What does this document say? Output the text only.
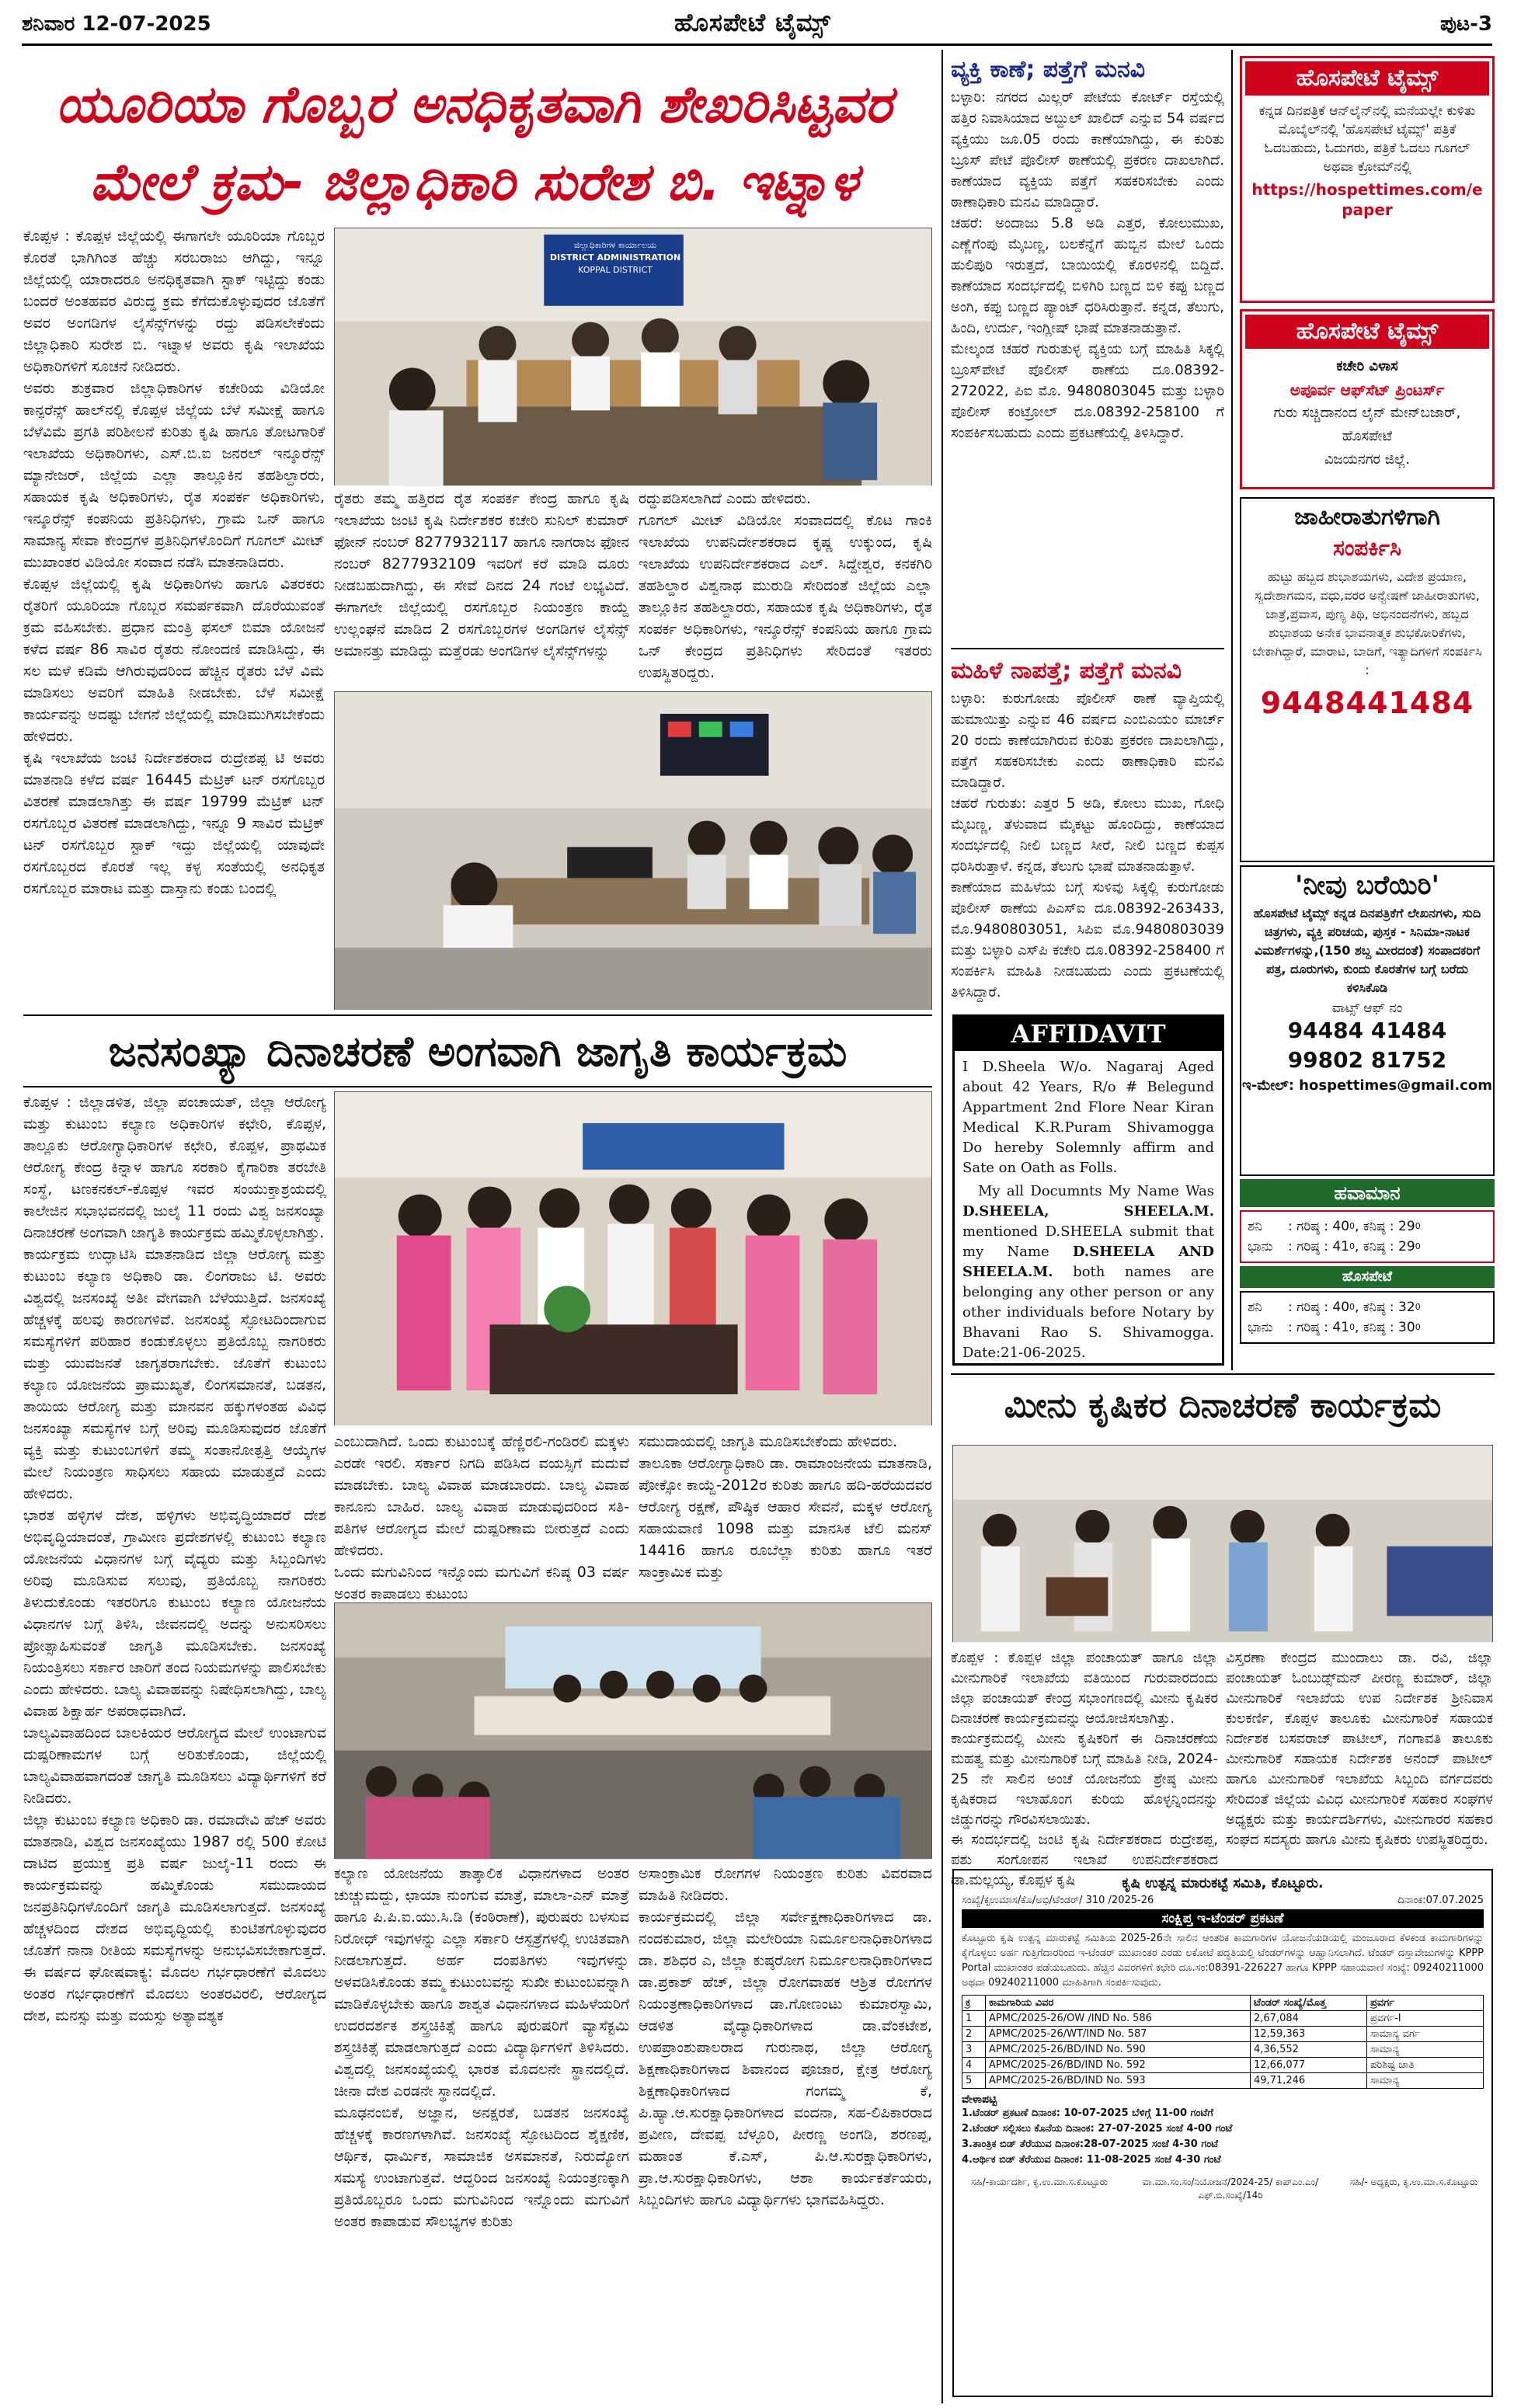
ಶನಿವಾರ 12-07-2025	ಹೊಸಪೇಟೆ ಟೈಮ್ಸ್	ಪುಟ-3
ಯೂರಿಯಾ ಗೊಬ್ಬರ ಅನಧಿಕೃತವಾಗಿ ಶೇಖರಿಸಿಟ್ಟವರ
ಮೇಲೆ ಕ್ರಮ- ಜಿಲ್ಲಾಧಿಕಾರಿ ಸುರೇಶ ಬಿ. ಇಟ್ನಾಳ
ಕೊಪ್ಪಳ : ಕೊಪ್ಪಳ ಜಿಲ್ಲೆಯಲ್ಲಿ ಈಗಾಗಲೇ ಯೂರಿಯಾ ಗೊಬ್ಬರ ಕೊರತೆ ಭಾಗಿಗಿಂತ ಹೆಚ್ಚು ಸರಬರಾಜು ಆಗಿದ್ದು, ಇನ್ನೂ ಜಿಲ್ಲೆಯಲ್ಲಿ ಯಾರಾದರೂ ಅನಧಿಕೃತವಾಗಿ ಸ್ಟಾಕ್ ಇಟ್ಟಿದ್ದು ಕಂಡು ಬಂದರೆ ಅಂತಹವರ ವಿರುದ್ಧ ಕ್ರಮ ಕೆಗೆದುಕೊಳ್ಳುವುದರ ಜೊತೆಗೆ ಅವರ ಅಂಗಡಿಗಳ ಲೈಸೆನ್ಸ್‌ಗಳನ್ನು ರದ್ದು ಪಡಿಸಲೇಕೆಂದು ಜಿಲ್ಲಾಧಿಕಾರಿ ಸುರೇಶ ಬಿ. ಇಟ್ನಾಳ ಅವರು ಕೃಷಿ ಇಲಾಖೆಯ ಅಧಿಕಾರಿಗಳಿಗೆ ಸೂಚನೆ ನೀಡಿದರು.
ಅವರು ಶುಕ್ರವಾರ ಜಿಲ್ಲಾಧಿಕಾರಿಗಳ ಕಚೇರಿಯ ವಿಡಿಯೋ ಕಾನ್ಫರೆನ್ಸ್ ಹಾಲ್‌ನಲ್ಲಿ ಕೊಪ್ಪಳ ಜಿಲ್ಲೆಯ ಬೆಳೆ ಸಮೀಕ್ಷೆ ಹಾಗೂ ಬೆಳೆವಿಮೆ ಪ್ರಗತಿ ಪರಿಶೀಲನೆ ಕುರಿತು ಕೃಷಿ ಹಾಗೂ ತೋಟಗಾರಿಕೆ ಇಲಾಖೆಯ ಅಧಿಕಾರಿಗಳು, ಎಸ್.ಬಿ.ಐ ಜನರಲ್ ಇನ್ಶೂರೆನ್ಸ್ ಮ್ಯಾನೇಜರ್, ಜಿಲ್ಲೆಯ ಎಲ್ಲಾ ತಾಲ್ಲೂಕಿನ ತಹಶಿಲ್ದಾರರು, ಸಹಾಯಕ ಕೃಷಿ ಅಧಿಕಾರಿಗಳು, ರೈತ ಸಂಪರ್ಕ ಅಧಿಕಾರಿಗಳು, ಇನ್ಶೂರೆನ್ಸ್ ಕಂಪನಿಯ ಪ್ರತಿನಿಧಿಗಳು, ಗ್ರಾಮ ಒನ್ ಹಾಗೂ ಸಾಮಾನ್ಯ ಸೇವಾ ಕೇಂದ್ರಗಳ ಪ್ರತಿನಿಧಿಗಳೊಂದಿಗೆ ಗೂಗಲ್ ಮೀಟ್ ಮುಖಾಂತರ ವಿಡಿಯೋ ಸಂವಾದ ನಡೆಸಿ ಮಾತನಾಡಿದರು.
ಕೊಪ್ಪಳ ಜಿಲ್ಲೆಯಲ್ಲಿ ಕೃಷಿ ಅಧಿಕಾರಿಗಳು ಹಾಗೂ ವಿತರಕರು ರೈತರಿಗೆ ಯೂರಿಯಾ ಗೊಬ್ಬರ ಸಮರ್ಪಕವಾಗಿ ದೊರೆಯುವಂತೆ ಕ್ರಮ ವಹಿಸಬೇಕು. ಪ್ರಧಾನ ಮಂತ್ರಿ ಫಸಲ್ ಬಿಮಾ ಯೋಜನೆ ಕಳೆದ ವರ್ಷ 86 ಸಾವಿರ ರೈತರು ನೋಂದಣಿ ಮಾಡಿಸಿದ್ದು, ಈ ಸಲ ಮಳೆ ಕಡಿಮೆ ಆಗಿರುವುದರಿಂದ ಹೆಚ್ಚಿನ ರೈತರು ಬೆಳೆ ವಿಮೆ ಮಾಡಿಸಲು ಅವರಿಗೆ ಮಾಹಿತಿ ನೀಡಬೇಕು. ಬೆಳೆ ಸಮೀಕ್ಷೆ ಕಾರ್ಯವನ್ನು ಅದಷ್ಟು ಬೇಗನೆ ಜಿಲ್ಲೆಯಲ್ಲಿ ಮಾಡಿಮುಗಿಸಬೇಕೆಂದು ಹೇಳಿದರು.
ಕೃಷಿ ಇಲಾಖೆಯ ಜಂಟಿ ನಿರ್ದೇಶಕರಾದ ರುದ್ರೇಶಪ್ಪ ಟಿ ಅವರು ಮಾತನಾಡಿ ಕಳೆದ ವರ್ಷ 16445 ಮೆಟ್ರಿಕ್ ಟನ್ ರಸಗೊಬ್ಬರ ವಿತರಣೆ ಮಾಡಲಾಗಿತ್ತು ಈ ವರ್ಷ 19799 ಮೆಟ್ರಿಕ್ ಟನ್ ರಸಗೊಬ್ಬರ ವಿತರಣೆ ಮಾಡಲಾಗಿದ್ದು, ಇನ್ನೂ 9 ಸಾವಿರ ಮೆಟ್ರಿಕ್ ಟನ್ ರಸಗೊಬ್ಬರ ಸ್ಟಾಕ್ ಇದ್ದು ಜಿಲ್ಲೆಯಲ್ಲಿ ಯಾವುದೇ ರಸಗೊಬ್ಬರದ ಕೊರತೆ ಇಲ್ಲ ಕಳ್ಳ ಸಂತೆಯಲ್ಲಿ ಅನಧಿಕೃತ ರಸಗೊಬ್ಬರ ಮಾರಾಟ ಮತ್ತು ದಾಸ್ತಾನು ಕಂಡು ಬಂದಲ್ಲಿ
ಜಿಲ್ಲಾಧಿಕಾರಿಗಳ ಕಾರ್ಯಾಲಯ
DISTRICT ADMINISTRATION
KOPPAL DISTRICT
ರೈತರು ತಮ್ಮ ಹತ್ತಿರದ ರೈತ ಸಂಪರ್ಕ ಕೇಂದ್ರ ಹಾಗೂ ಕೃಷಿ ಇಲಾಖೆಯ ಜಂಟಿ ಕೃಷಿ ನಿರ್ದೇಶಕರ ಕಚೇರಿ ಸುನಿಲ್ ಕುಮಾರ್ ಫೋನ್ ನಂಬರ್ 8277932117 ಹಾಗೂ ನಾಗರಾಜ ಫೋನ ನಂಬರ್ 8277932109 ಇವರಿಗೆ ಕರೆ ಮಾಡಿ ದೂರು ನೀಡಬಹುದಾಗಿದ್ದು, ಈ ಸೇವೆ ದಿನದ 24 ಗಂಟೆ ಲಭ್ಯವಿದೆ. ಈಗಾಗಲೇ ಜಿಲ್ಲೆಯಲ್ಲಿ ರಸಗೊಬ್ಬರ ನಿಯಂತ್ರಣ ಕಾಯ್ದೆ ಉಲ್ಲಂಘನೆ ಮಾಡಿದ 2 ರಸಗೊಬ್ಬರಗಳ ಅಂಗಡಿಗಳ ಲೈಸೆನ್ಸ್ ಅಮಾನತ್ತು ಮಾಡಿದ್ದು ಮತ್ತೆರಡು ಅಂಗಡಿಗಳ ಲೈಸೆನ್ಸ್‌ಗಳನ್ನು
ರದ್ದುಪಡಿಸಲಾಗಿದೆ ಎಂದು ಹೇಳಿದರು.
ಗೂಗಲ್ ಮೀಟ್ ವಿಡಿಯೋ ಸಂವಾದದಲ್ಲಿ ಕೊಟ ಗಾಂಕಿ ಇಲಾಖೆಯ ಉಪನಿರ್ದೇಶಕರಾದ ಕೃಷ್ಣ ಉಕ್ಕುಂದ, ಕೃಷಿ ಇಲಾಖೆಯ ಉಪನಿರ್ದೇಶಕರಾದ ಎಲ್. ಸಿದ್ದೇಶ್ವರ, ಕನಕಗಿರಿ ತಹಶಿಲ್ದಾರ ವಿಶ್ವನಾಥ ಮುರುಡಿ ಸೇರಿದಂತೆ ಜಿಲ್ಲೆಯ ಎಲ್ಲಾ ತಾಲ್ಲೂಕಿನ ತಹಶಿಲ್ದಾರರು, ಸಹಾಯಕ ಕೃಷಿ ಅಧಿಕಾರಿಗಳು, ರೈತ ಸಂಪರ್ಕ ಅಧಿಕಾರಿಗಳು, ಇನ್ಶೂರೆನ್ಸ್ ಕಂಪನಿಯ ಹಾಗೂ ಗ್ರಾಮ ಒನ್ ಕೇಂದ್ರದ ಪ್ರತಿನಿಧಿಗಳು ಸೇರಿದಂತೆ ಇತರರು ಉಪಸ್ಥಿತರಿದ್ದರು.
ಜನಸಂಖ್ಯಾ ದಿನಾಚರಣೆ ಅಂಗವಾಗಿ ಜಾಗೃತಿ ಕಾರ್ಯಕ್ರಮ
ಕೊಪ್ಪಳ : ಜಿಲ್ಲಾಡಳಿತ, ಜಿಲ್ಲಾ ಪಂಚಾಯತ್, ಜಿಲ್ಲಾ ಆರೋಗ್ಯ ಮತ್ತು ಕುಟುಂಬ ಕಲ್ಯಾಣ ಅಧಿಕಾರಿಗಳ ಕಛೇರಿ, ಕೊಪ್ಪಳ, ತಾಲ್ಲೂಕು ಆರೋಗ್ಯಾಧಿಕಾರಿಗಳ ಕಛೇರಿ, ಕೊಪ್ಪಳ, ಪ್ರಾಥಮಿಕ ಆರೋಗ್ಯ ಕೇಂದ್ರ ಕಿನ್ನಾಳ ಹಾಗೂ ಸರಕಾರಿ ಕೈಗಾರಿಕಾ ತರಬೇತಿ ಸಂಸ್ಥೆ, ಟಣಕನಕಲ್-ಕೊಪ್ಪಳ ಇವರ ಸಂಯುಕ್ತಾಶ್ರಯದಲ್ಲಿ ಕಾಲೇಜಿನ ಸಭಾಭವನದಲ್ಲಿ ಜುಲೈ 11 ರಂದು ವಿಶ್ವ ಜನಸಂಖ್ಯಾ ದಿನಾಚರಣೆ ಅಂಗವಾಗಿ ಜಾಗೃತಿ ಕಾರ್ಯಕ್ರಮ ಹಮ್ಮಿಕೊಳ್ಳಲಾಗಿತ್ತು.
ಕಾರ್ಯಕ್ರಮ ಉದ್ಘಾಟಿಸಿ ಮಾತನಾಡಿದ ಜಿಲ್ಲಾ ಆರೋಗ್ಯ ಮತ್ತು ಕುಟುಂಬ ಕಲ್ಯಾಣ ಅಧಿಕಾರಿ ಡಾ. ಲಿಂಗರಾಜು ಟಿ. ಅವರು ವಿಶ್ವದಲ್ಲಿ ಜನಸಂಖ್ಯೆ ಅತೀ ವೇಗವಾಗಿ ಬೆಳೆಯುತ್ತಿದೆ. ಜನಸಂಖ್ಯೆ ಹೆಚ್ಚಳಕ್ಕೆ ಹಲವು ಕಾರಣಗಳಿವೆ. ಜನಸಂಖ್ಯೆ ಸ್ಫೋಟದಿಂದಾಗುವ ಸಮಸ್ಯೆಗಳಿಗೆ ಪರಿಹಾರ ಕಂಡುಕೊಳ್ಳಲು ಪ್ರತಿಯೊಬ್ಬ ನಾಗರಿಕರು ಮತ್ತು ಯುವಜನತೆ ಜಾಗೃತರಾಗಬೇಕು. ಜೊತೆಗೆ ಕುಟುಂಬ ಕಲ್ಯಾಣ ಯೋಜನೆಯ ಪ್ರಾಮುಖ್ಯತೆ, ಲಿಂಗಸಮಾನತೆ, ಬಡತನ, ತಾಯಿಯ ಆರೋಗ್ಯ ಮತ್ತು ಮಾನವನ ಹಕ್ಕುಗಳಂತಹ ವಿವಿಧ ಜನಸಂಖ್ಯಾ ಸಮಸ್ಯೆಗಳ ಬಗ್ಗೆ ಅರಿವು ಮೂಡಿಸುವುದರ ಜೊತೆಗೆ ವ್ಯಕ್ತಿ ಮತ್ತು ಕುಟುಂಬಗಳಿಗೆ ತಮ್ಮ ಸಂತಾನೋತ್ಪತ್ತಿ ಆಯ್ಕೆಗಳ ಮೇಲೆ ನಿಯಂತ್ರಣ ಸಾಧಿಸಲು ಸಹಾಯ ಮಾಡುತ್ತದೆ ಎಂದು ಹೇಳಿದರು.
ಭಾರತ ಹಳ್ಳಿಗಳ ದೇಶ, ಹಳ್ಳಿಗಳು ಅಭಿವೃದ್ಧಿಯಾದರೆ ದೇಶ ಅಭಿವೃದ್ಧಿಯಾದಂತೆ, ಗ್ರಾಮೀಣ ಪ್ರದೇಶಗಳಲ್ಲಿ ಕುಟುಂಬ ಕಲ್ಯಾಣ ಯೋಜನೆಯ ವಿಧಾನಗಳ ಬಗ್ಗೆ ವೈದ್ಯರು ಮತ್ತು ಸಿಬ್ಬಂದಿಗಳು ಅರಿವು ಮೂಡಿಸುವ ಸಲುವು, ಪ್ರತಿಯೊಬ್ಬ ನಾಗರಿಕರು ತಿಳುದುಕೊಂಡು ಇತರರಿಗೂ ಕುಟುಂಬ ಕಲ್ಯಾಣ ಯೋಜನೆಯ ವಿಧಾನಗಳ ಬಗ್ಗೆ ತಿಳಿಸಿ, ಜೀವನದಲ್ಲಿ ಅದನ್ನು ಅನುಸರಿಸಲು ಪ್ರೋತ್ಸಾಹಿಸುವಂತೆ ಜಾಗೃತಿ ಮೂಡಿಸಬೇಕು. ಜನಸಂಖ್ಯೆ ನಿಯಂತ್ರಿಸಲು ಸರ್ಕಾರ ಜಾರಿಗೆ ತಂದ ನಿಯಮಗಳನ್ನು ಪಾಲಿಸಬೇಕು ಎಂದು ಹೇಳಿದರು. ಬಾಲ್ಯ ವಿವಾಹವನ್ನು ನಿಷೇಧಿಸಲಾಗಿದ್ದು, ಬಾಲ್ಯ ವಿವಾಹ ಶಿಕ್ಷಾರ್ಹ ಅಪರಾಧವಾಗಿದೆ.
ಬಾಲ್ಯವಿವಾಹದಿಂದ ಬಾಲಕಿಯರ ಆರೋಗ್ಯದ ಮೇಲೆ ಉಂಟಾಗುವ ದುಷ್ಪರಿಣಾಮಗಳ ಬಗ್ಗೆ ಅರಿತುಕೊಂಡು, ಜಿಲ್ಲೆಯಲ್ಲಿ ಬಾಲ್ಯವಿವಾಹವಾಗದಂತೆ ಜಾಗೃತಿ ಮೂಡಿಸಲು ವಿದ್ಯಾರ್ಥಿಗಳಿಗೆ ಕರೆ ನೀಡಿದರು.
ಜಿಲ್ಲಾ ಕುಟುಂಬ ಕಲ್ಯಾಣ ಅಧಿಕಾರಿ ಡಾ. ರಮಾದೇವಿ ಹೆಚ್ ಅವರು ಮಾತನಾಡಿ, ವಿಶ್ವದ ಜನಸಂಖ್ಯೆಯು 1987 ರಲ್ಲಿ 500 ಕೋಟಿ ದಾಟಿದ ಪ್ರಯುಕ್ತ ಪ್ರತಿ ವರ್ಷ ಜುಲೈ-11 ರಂದು ಈ ಕಾರ್ಯಕ್ರಮವನ್ನು ಹಮ್ಮಿಕೊಂಡು ಸಮುದಾಯದ ಜನಪ್ರತಿನಿಧಿಗಳೊಂದಿಗೆ ಜಾಗೃತಿ ಮೂಡಿಸಲಾಗುತ್ತದೆ. ಜನಸಂಖ್ಯೆ ಹೆಚ್ಚಳದಿಂದ ದೇಶದ ಅಭಿವೃದ್ಧಿಯಲ್ಲಿ ಕುಂಟಿತಗೊಳ್ಳುವುದರ ಜೊತೆಗೆ ನಾನಾ ರೀತಿಯ ಸಮಸ್ಯೆಗಳನ್ನು ಅನುಭವಿಸಬೇಕಾಗುತ್ತದೆ. ಈ ವರ್ಷದ ಘೋಷವಾಕ್ಯ: ಮೊದಲ ಗರ್ಭಧಾರಣೆಗೆ ಮೊದಲು ಅಂತರ ಗರ್ಭಧಾರಣೆಗೆ ಮೊದಲು ಅಂತರವಿರಲಿ, ಆರೋಗ್ಯದ ದೇಶ, ಮನಸ್ಸು ಮತ್ತು ವಯಸ್ಸು ಅತ್ಯಾವಶ್ಯಕ
ಎಂಬುದಾಗಿದೆ. ಒಂದು ಕುಟುಂಬಕ್ಕೆ ಹೆಣ್ಣಿರಲಿ-ಗಂಡಿರಲಿ ಮಕ್ಕಳು ಎರಡೇ ಇರಲಿ. ಸರ್ಕಾರ ನಿಗದಿ ಪಡಿಸಿದ ವಯಸ್ಸಿಗೆ ಮದುವೆ ಮಾಡಬೇಕು. ಬಾಲ್ಯ ವಿವಾಹ ಮಾಡಬಾರದು. ಬಾಲ್ಯ ವಿವಾಹ ಕಾನೂನು ಬಾಹಿರ. ಬಾಲ್ಯ ವಿವಾಹ ಮಾಡುವುದರಿಂದ ಸತಿ-ಪತಿಗಳ ಆರೋಗ್ಯದ ಮೇಲೆ ದುಷ್ಪರಿಣಾಮ ಬೀರುತ್ತದೆ ಎಂದು ಹೇಳಿದರು.
ಒಂದು ಮಗುವಿನಿಂದ ಇನ್ನೊಂದು ಮಗುವಿಗೆ ಕನಿಷ್ಠ 03 ವರ್ಷ ಅಂತರ ಕಾಪಾಡಲು ಕುಟುಂಬ
ಸಮುದಾಯದಲ್ಲಿ ಜಾಗೃತಿ ಮೂಡಿಸಬೇಕೆಂದು ಹೇಳಿದರು.
ತಾಲೂಕಾ ಆರೋಗ್ಯಾಧಿಕಾರಿ ಡಾ. ರಾಮಾಂಜನೇಯ ಮಾತನಾಡಿ, ಪೋಕ್ಸೋ ಕಾಯ್ದೆ-2012ರ ಕುರಿತು ಹಾಗೂ ಹದಿ-ಹರೆಯದವರ ಆರೋಗ್ಯ ರಕ್ಷಣೆ, ಪೌಷ್ಠಿಕ ಆಹಾರ ಸೇವನೆ, ಮಕ್ಕಳ ಆರೋಗ್ಯ ಸಹಾಯವಾಣಿ 1098 ಮತ್ತು ಮಾನಸಿಕ ಟೆಲಿ ಮನಸ್ 14416 ಹಾಗೂ ರೂಬೆಲ್ಲಾ ಕುರಿತು ಹಾಗೂ ಇತರೆ ಸಾಂಕ್ರಾಮಿಕ ಮತ್ತು
ಕಲ್ಯಾಣ ಯೋಜನೆಯ ತಾತ್ಕಾಲಿಕ ವಿಧಾನಗಳಾದ ಅಂತರ ಚುಚ್ಚುಮದ್ದು, ಛಾಯಾ ನುಂಗುವ ಮಾತ್ರೆ, ಮಾಲಾ-ಎನ್ ಮಾತ್ರೆ ಹಾಗೂ ಪಿ.ಪಿ.ಐ.ಯು.ಸಿ.ಡಿ (ಕಂಠಿರಾಣೆ), ಪುರುಷರು ಬಳಸುವ ನಿರೋಧ್ ಇವುಗಳನ್ನು ಎಲ್ಲಾ ಸರ್ಕಾರಿ ಆಸ್ಪತ್ರೆಗಳಲ್ಲಿ ಉಚಿತವಾಗಿ ನೀಡಲಾಗುತ್ತದೆ. ಅರ್ಹ ದಂಪತಿಗಳು ಇವುಗಳನ್ನು ಅಳವಡಿಸಿಕೊಂಡು ತಮ್ಮ ಕುಟುಂಬವನ್ನು ಸುಖೀ ಕುಟುಂಬವನ್ನಾಗಿ ಮಾಡಿಕೊಳ್ಳಬೇಕು ಹಾಗೂ ಶಾಶ್ವತ ವಿಧಾನಗಳಾದ ಮಹಿಳೆಯರಿಗೆ ಉದರದರ್ಶಕ ಶಸ್ತ್ರಚಿಕಿತ್ಸೆ ಹಾಗೂ ಪುರುಷರಿಗೆ ವ್ಯಾಸೆಕ್ಟಮಿ ಶಸ್ತ್ರಚಿಕಿತ್ಸೆ ಮಾಡಲಾಗುತ್ತದೆ ಎಂದು ವಿದ್ಯಾರ್ಥಿಗಳಿಗೆ ತಿಳಿಸಿದರು. ವಿಶ್ವದಲ್ಲಿ ಜನಸಂಖ್ಯೆಯಲ್ಲಿ ಭಾರತ ಮೊದಲನೇ ಸ್ಥಾನದಲ್ಲಿದೆ. ಚೀನಾ ದೇಶ ಎರಡನೇ ಸ್ಥಾನದಲ್ಲಿದೆ.
ಮೂಢನಂಬಿಕೆ, ಅಜ್ಞಾನ, ಅನಕ್ಷರತೆ, ಬಡತನ ಜನಸಂಖ್ಯೆ ಹೆಚ್ಚಳಕ್ಕೆ ಕಾರಣಗಳಾಗಿವೆ. ಜನಸಂಖ್ಯೆ ಸ್ಫೋಟದಿಂದ ಶೈಕ್ಷಣಿಕ, ಆರ್ಥಿಕ, ಧಾರ್ಮಿಕ, ಸಾಮಾಜಿಕ ಅಸಮಾನತೆ, ನಿರುದ್ಯೋಗ ಸಮಸ್ಯೆ ಉಂಟಾಗುತ್ತವೆ. ಆದ್ದರಿಂದ ಜನಸಂಖ್ಯೆ ನಿಯಂತ್ರಣಕ್ಕಾಗಿ ಪ್ರತಿಯೊಬ್ಬರೂ ಒಂದು ಮಗುವಿನಿಂದ ಇನ್ನೊಂದು ಮಗುವಿಗೆ ಅಂತರ ಕಾಪಾಡುವ ಸೌಲಭ್ಯಗಳ ಕುರಿತು
ಅಸಾಂಕ್ರಾಮಿಕ ರೋಗಗಳ ನಿಯಂತ್ರಣ ಕುರಿತು ವಿವರವಾದ ಮಾಹಿತಿ ನೀಡಿದರು.
ಕಾರ್ಯಕ್ರಮದಲ್ಲಿ ಜಿಲ್ಲಾ ಸರ್ವೇಕ್ಷಣಾಧಿಕಾರಿಗಳಾದ ಡಾ. ನಂದಕುಮಾರ, ಜಿಲ್ಲಾ ಮಲೇರಿಯಾ ನಿರ್ಮೂಲನಾಧಿಕಾರಿಗಳಾದ ಡಾ. ಶಶಿಧರ ಎ, ಜಿಲ್ಲಾ ಕುಷ್ಠರೋಗ ನಿರ್ಮೂಲನಾಧಿಕಾರಿಗಳಾದ ಡಾ.ಪ್ರಕಾಶ್ ಹೆಚ್, ಜಿಲ್ಲಾ ರೋಗವಾಹಕ ಆಶ್ರಿತ ರೋಗಗಳ ನಿಯಂತ್ರಣಾಧಿಕಾರಿಗಳಾದ ಡಾ.ಗೋಣಂಟು ಕುಮಾರಸ್ವಾಮಿ, ಆಡಳಿತ ವೈದ್ಯಾಧಿಕಾರಿಗಳಾದ ಡಾ.ವೆಂಕಟೇಶ, ಉಪಪ್ರಾಂಶುಪಾಲರಾದ ಗುರುನಾಥ, ಜಿಲ್ಲಾ ಆರೋಗ್ಯ ಶಿಕ್ಷಣಾಧಿಕಾರಿಗಳಾದ ಶಿವಾನಂದ ಪೂಜಾರ, ಕ್ಷೇತ್ರ ಆರೋಗ್ಯ ಶಿಕ್ಷಣಾಧಿಕಾರಿಗಳಾದ ಗಂಗಮ್ಮ ಕೆ, ಪಿ.ಹ್ಯಾ.ಆ.ಸುರಕ್ಷಾಧಿಕಾರಿಗಳಾದ ವಂದನಾ, ಸಹ-ಲಿಪಿಕಾರರಾದ ಪ್ರವೀಣ, ದೇವಪ್ಪ ಬೆಳ್ಳೂರಿ, ಪೀರಣ್ಣ ಅಂಗಡಿ, ಶರಣಪ್ಪ, ಮಹಾಂತ ಕೆ.ಎಸ್, ಪಿ.ಆ.ಸುರಕ್ಷಾಧಿಕಾರಿಗಳು, ಪ್ರಾ.ಆ.ಸುರಕ್ಷಾಧಿಕಾರಿಗಳು, ಆಶಾ ಕಾರ್ಯಕರ್ತೆಯರು, ಸಿಬ್ಬಂದಿಗಳು ಹಾಗೂ ವಿದ್ಯಾರ್ಥಿಗಳು ಭಾಗವಹಿಸಿದ್ದರು.
ವ್ಯಕ್ತಿ ಕಾಣೆ; ಪತ್ತೆಗೆ ಮನವಿ
ಬಳ್ಳಾರಿ: ನಗರದ ಮಿಲ್ಲರ್ ಪೇಟೆಯ ಕೋರ್ಟ್ ರಸ್ತೆಯಲ್ಲಿ ಹತ್ತಿರ ನಿವಾಸಿಯಾದ ಅಬ್ದುಲ್ ಖಾಲಿದ್ ಎನ್ನುವ 54 ವರ್ಷದ ವ್ಯಕ್ತಿಯು ಜೂ.05 ರಂದು ಕಾಣೆಯಾಗಿದ್ದು, ಈ ಕುರಿತು ಬ್ರೂಸ್ ಪೇಟೆ ಪೊಲೀಸ್ ಠಾಣೆಯಲ್ಲಿ ಪ್ರಕರಣ ದಾಖಲಾಗಿದೆ. ಕಾಣೆಯಾದ ವ್ಯಕ್ತಿಯ ಪತ್ತೆಗೆ ಸಹಕರಿಸಬೇಕು ಎಂದು ಠಾಣಾಧಿಕಾರಿ ಮನವಿ ಮಾಡಿದ್ದಾರೆ.
ಚಹರೆ: ಅಂದಾಜು 5.8 ಅಡಿ ಎತ್ತರ, ಕೋಲುಮುಖ, ಎಣ್ಣೆಗೆಂಪು ಮೈಬಣ್ಣ, ಬಲಕೆನ್ನೆಗೆ ಹುಬ್ಬಿನ ಮೇಲೆ ಒಂದು ಹುಲಿಪುರಿ ಇರುತ್ತದೆ, ಬಾಯಿಯಲ್ಲಿ ಕೊರಳಿನಲ್ಲಿ ಬಿದ್ದಿದೆ. ಕಾಣೆಯಾದ ಸಂದರ್ಭದಲ್ಲಿ ಬಿಳಿಗಿರಿ ಬಣ್ಣದ ಬಿಳಿ ಕಪ್ಪು ಬಣ್ಣದ ಅಂಗಿ, ಕಪ್ಪು ಬಣ್ಣದ ಪ್ಯಾಂಟ್ ಧರಿಸಿರುತ್ತಾನೆ. ಕನ್ನಡ, ತೆಲುಗು, ಹಿಂದಿ, ಉರ್ದು, ಇಂಗ್ಲೀಷ್ ಭಾಷೆ ಮಾತನಾಡುತ್ತಾನೆ.
ಮೇಲ್ಕಂಡ ಚಹರೆ ಗುರುತುಳ್ಳ ವ್ಯಕ್ತಿಯ ಬಗ್ಗೆ ಮಾಹಿತಿ ಸಿಕ್ಕಲ್ಲಿ ಬ್ರೂಸ್‌ಪೇಟೆ ಪೊಲೀಸ್ ಠಾಣೆಯ ದೂ.08392-272022, ಪಿಐ ಮೊ. 9480803045 ಮತ್ತು ಬಳ್ಳಾರಿ ಪೊಲೀಸ್ ಕಂಟ್ರೋಲ್ ದೂ.08392-258100 ಗೆ ಸಂಪರ್ಕಿಸಬಹುದು ಎಂದು ಪ್ರಕಟಣೆಯಲ್ಲಿ ತಿಳಿಸಿದ್ದಾರೆ.
ಮಹಿಳೆ ನಾಪತ್ತೆ; ಪತ್ತೆಗೆ ಮನವಿ
ಬಳ್ಳಾರಿ: ಕುರುಗೋಡು ಪೊಲೀಸ್ ಠಾಣೆ ವ್ಯಾಪ್ತಿಯಲ್ಲಿ ಹುಮಾಯಿತ್ತು ಎನ್ನುವ 46 ವರ್ಷದ ಎಂಬಿಎಯಂ ಮಾರ್ಚ್ 20 ರಂದು ಕಾಣೆಯಾಗಿರುವ ಕುರಿತು ಪ್ರಕರಣ ದಾಖಲಾಗಿದ್ದು, ಪತ್ತೆಗೆ ಸಹಕರಿಸಬೇಕು ಎಂದು ಠಾಣಾಧಿಕಾರಿ ಮನವಿ ಮಾಡಿದ್ದಾರೆ.
ಚಹರೆ ಗುರುತು: ಎತ್ತರ 5 ಅಡಿ, ಕೋಲು ಮುಖ, ಗೋಧಿ ಮೈಬಣ್ಣ, ತೆಳುವಾದ ಮೈಕಟ್ಟು ಹೊಂದಿದ್ದು, ಕಾಣೆಯಾದ ಸಂದರ್ಭದಲ್ಲಿ ನೀಲಿ ಬಣ್ಣದ ಸೀರೆ, ನೀಲಿ ಬಣ್ಣದ ಕುಪ್ಪಸ ಧರಿಸಿರುತ್ತಾಳೆ. ಕನ್ನಡ, ತೆಲುಗು ಭಾಷೆ ಮಾತನಾಡುತ್ತಾಳೆ.
ಕಾಣೆಯಾದ ಮಹಿಳೆಯ ಬಗ್ಗೆ ಸುಳಿವು ಸಿಕ್ಕಲ್ಲಿ ಕುರುಗೋಡು ಪೊಲೀಸ್ ಠಾಣೆಯ ಪಿಎಸ್‌ಐ ದೂ.08392-263433, ಮೊ.9480803051, ಸಿಪಿಐ ಮೊ.9480803039 ಮತ್ತು ಬಳ್ಳಾರಿ ಎಸ್‌ಪಿ ಕಚೇರಿ ದೂ.08392-258400 ಗೆ ಸಂಪರ್ಕಿಸಿ ಮಾಹಿತಿ ನೀಡಬಹುದು ಎಂದು ಪ್ರಕಟಣೆಯಲ್ಲಿ ತಿಳಿಸಿದ್ದಾರೆ.
AFFIDAVIT
I D.Sheela W/o. Nagaraj Aged about 42 Years, R/o # Belegund Appartment 2nd Flore Near Kiran Medical K.R.Puram Shivamogga Do hereby Solemnly affirm and Sate on Oath as Folls.
My all Documnts My Name Was D.SHEELA, SHEELA.M. mentioned D.SHEELA submit that my Name D.SHEELA AND SHEELA.M. both names are belonging any other person or any other individuals before Notary by Bhavani Rao S. Shivamogga. Date:21-06-2025.
ಹೊಸಪೇಟೆ ಟೈಮ್ಸ್
ಕನ್ನಡ ದಿನಪತ್ರಿಕೆ ಆನ್‌ಲೈನ್‌ನಲ್ಲಿ ಮನೆಯಲ್ಲೇ ಕುಳಿತು ಮೊಬೈಲ್‌ನಲ್ಲಿ 'ಹೊಸಪೇಟೆ ಟೈಮ್ಸ್' ಪತ್ರಿಕೆ ಓದಬಹುದು, ಓದುಗರು, ಪತ್ರಿಕೆ ಓದಲು ಗೂಗಲ್ ಅಥವಾ ಕ್ರೋಮ್‌ನಲ್ಲಿ
https://hospettimes.com/epaper
ಹೊಸಪೇಟೆ ಟೈಮ್ಸ್
ಕಚೇರಿ ವಿಳಾಸ
ಅಪೂರ್ವ ಆಫ್‌ಸೆಟ್ ಪ್ರಿಂಟರ್ಸ್
ಗುರು ಸಚ್ಚಿದಾನಂದ ಲೈನ್ ಮೇನ್‌ಬಜಾರ್, ಹೊಸಪೇಟೆ
ವಿಜಯನಗರ ಜಿಲ್ಲೆ.
ಜಾಹೀರಾತುಗಳಿಗಾಗಿ
ಸಂಪರ್ಕಿಸಿ
ಹುಟ್ಟು ಹಬ್ಬದ ಶುಭಾಶಯಗಳು, ವಿದೇಶ ಪ್ರಯಾಣ, ಸ್ವದೇಶಾಗಮನ, ವಧು,ವರರ ಅನ್ವೇಷಣೆ ಜಾಹೀರಾತುಗಳು, ಜಾತ್ರೆ,ಪ್ರವಾಸ, ಪುಣ್ಯ ತಿಥಿ, ಅಭಿನಂದನೆಗಳು, ಹಬ್ಬದ ಶುಭಾಶಯ ಅನೇಕ ಭಾವನಾತ್ಮಕ ಶುಭಕೋರಿಕೆಗಳು, ಬೇಕಾಗಿದ್ದಾರೆ, ಮಾರಾಟ, ಬಾಡಿಗೆ, ಇತ್ಯಾದಿಗಳಿಗೆ ಸಂಪರ್ಕಿಸಿ :
9448441484
'ನೀವು ಬರೆಯಿರಿ'
ಹೊಸಪೇಟೆ ಟೈಮ್ಸ್ ಕನ್ನಡ ದಿನಪತ್ರಿಕೆಗೆ ಲೇಖನಗಳು, ಸುದಿ ಚಿತ್ರಗಳು, ವ್ಯಕ್ತಿ ಪರಿಚಯ, ಪುಸ್ತಕ - ಸಿನಿಮಾ-ನಾಟಕ ವಿಮರ್ಶೆಗಳನ್ನು,(150 ಶಬ್ದ ಮೀರದಂತೆ) ಸಂಪಾದಕರಿಗೆ ಪತ್ರ, ದೂರುಗಳು, ಕುಂದು ಕೊರತೆಗಳ ಬಗ್ಗೆ ಬರೆದು ಕಳಿಸಿಕೊಡಿ
ವಾಟ್ಸ್ ಆಫ್ ನಂ
94484 41484
99802 81752
ಇ-ಮೇಲ್: hospettimes@gmail.com
ಹವಾಮಾನ
ಶನಿ	: ಗರಿಷ್ಠ : 40 0 , ಕನಿಷ್ಠ : 29 0
ಭಾನು	: ಗರಿಷ್ಠ : 41 0 , ಕನಿಷ್ಠ : 29 0
ಹೊಸಪೇಟೆ
ಶನಿ	: ಗರಿಷ್ಠ : 40 0 , ಕನಿಷ್ಠ : 32 0
ಭಾನು	: ಗರಿಷ್ಠ : 41 0 , ಕನಿಷ್ಠ : 30 0
ಮೀನು ಕೃಷಿಕರ ದಿನಾಚರಣೆ ಕಾರ್ಯಕ್ರಮ
ಕೊಪ್ಪಳ : ಕೊಪ್ಪಳ ಜಿಲ್ಲಾ ಪಂಚಾಯತ್ ಹಾಗೂ ಜಿಲ್ಲಾ ಮೀನುಗಾರಿಕೆ ಇಲಾಖೆಯ ವತಿಯಿಂದ ಗುರುವಾರದಂದು ಜಿಲ್ಲಾ ಪಂಚಾಯತ್ ಕೇಂದ್ರ ಸಭಾಂಗಣದಲ್ಲಿ ಮೀನು ಕೃಷಿಕರ ದಿನಾಚರಣೆ ಕಾರ್ಯಕ್ರಮವನ್ನು ಆಯೋಜಿಸಲಾಗಿತ್ತು.
ಕಾರ್ಯಕ್ರಮದಲ್ಲಿ ಮೀನು ಕೃಷಿಕರಿಗೆ ಈ ದಿನಾಚರಣೆಯ ಮಹತ್ವ ಮತ್ತು ಮೀನುಗಾರಿಕೆ ಬಗ್ಗೆ ಮಾಹಿತಿ ನೀಡಿ, 2024-25 ನೇ ಸಾಲಿನ ಅಂಚೆ ಯೋಜನೆಯ ಶ್ರೇಷ್ಠ ಮೀನು ಕೃಷಿಕರಾದ ಇಲಾಹೊಂಗ ಕುರಿಯ ಹೊಳ್ಳನ್ನಿಂದನನ್ನು ಜಿಡ್ಡುಗರನ್ನು ಗೌರವಿಸಲಾಯಿತು.
ಈ ಸಂದರ್ಭದಲ್ಲಿ ಜಂಟಿ ಕೃಷಿ ನಿರ್ದೇಶಕರಾದ ರುದ್ರೇಶಪ್ಪ, ಪಶು ಸಂಗೋಪನ ಇಲಾಖೆ ಉಪನಿರ್ದೇಶಕರಾದ ಡಾ.ಮಲ್ಲಯ್ಯ, ಕೊಪ್ಪಳ ಕೃಷಿ
ವಿಸ್ತರಣಾ ಕೇಂದ್ರದ ಮುಂದಾಲು ಡಾ. ರವಿ, ಜಿಲ್ಲಾ ಪಂಚಾಯತ್ ಓಂಬುಡ್ಸ್‌ಮನ್ ಪೀರಣ್ಣ ಕುಮಾರ್, ಜಿಲ್ಲಾ ಮೀನುಗಾರಿಕೆ ಇಲಾಖೆಯ ಉಪ ನಿರ್ದೇಶಕ ಶ್ರೀನಿವಾಸ ಕುಲಕರ್ಣಿ, ಕೊಪ್ಪಳ ತಾಲೂಕು ಮೀನುಗಾರಿಕೆ ಸಹಾಯಕ ನಿರ್ದೇಶಕ ಬಸವರಾಜ್ ಪಾಟೀಲ್, ಗಂಗಾವತಿ ತಾಲೂಕು ಮೀನುಗಾರಿಕೆ ಸಹಾಯಕ ನಿರ್ದೇಶಕ ಅನಂದ್ ಪಾಟೀಲ್ ಹಾಗೂ ಮೀನುಗಾರಿಕೆ ಇಲಾಖೆಯ ಸಿಬ್ಬಂದಿ ವರ್ಗದವರು ಸೇರಿದಂತೆ ಜಿಲ್ಲೆಯ ವಿವಿಧ ಮೀನುಗಾರಿಕೆ ಸಹಕಾರ ಸಂಘಗಳ ಅಧ್ಯಕ್ಷರು ಮತ್ತು ಕಾರ್ಯದರ್ಶಿಗಳು, ಮೀನುಗಾರರ ಸಹಕಾರ ಸಂಘದ ಸದಸ್ಯರು ಹಾಗೂ ಮೀನು ಕೃಷಿಕರು ಉಪಸ್ಥಿತರಿದ್ದರು.
ಕೃಷಿ ಉತ್ಪನ್ನ ಮಾರುಕಟ್ಟೆ ಸಮಿತಿ, ಕೊಟ್ಟೂರು.
ಸಂಖ್ಯೆ/ಕೃಉಮಾಸ/ಕೊ/ಅಭಿ/ಟೆಂಡರ್/ 310 /2025-26	ದಿನಾಂಕ:07.07.2025
ಸಂಕ್ಷಿಪ್ತ ಇ-ಟೆಂಡರ್ ಪ್ರಕಟಣೆ
ಕೊಟ್ಟೂರು ಕೃಷಿ ಉತ್ಪನ್ನ ಮಾರುಕಟ್ಟೆ ಸಮಿತಿಯ 2025-26ನೇ ಸಾಲಿನ ಆಂತರಿಕ ಕಾಮಗಾರಿಗಳ ಯೋಜನೆಯಡಿಯಲ್ಲಿ ಮಂಜೂರಾದ ಕೆಳಕಂಡ ಕಾಮಗಾರಿಗಳನ್ನು ಕೈಗೊಳ್ಳಲು ಅರ್ಹ ಗುತ್ತಿಗೆದಾರರಿಂದ ಇ-ಟೆಂಡರ್ ಮುಖಾಂತರ ಎರಡು ಲಕೋಟೆ ಪದ್ಧತಿಯಲ್ಲಿ ಟೆಂಡರ್‌ಗಳನ್ನು ಆಹ್ವಾನಿಸಲಾಗಿದೆ. ಟೆಂಡರ್ ದಸ್ತಾವೇಜುಗಳನ್ನು KPPP Portal ಮುಖಾಂತರ ಪಡೆಯಬಹುದು. ಹೆಚ್ಚಿನ ವಿವರಗಳಿಗೆ ಕಛೇರಿ ದೂ.ಸಂ:08391-226227 ಹಾಗೂ KPPP ಸಹಾಯವಾಣಿ ಸಂಖ್ಯೆ: 09240211000 ಅಥವಾ 09240211000 ಮಾಹಿತಿಗಾಗಿ ಸಂಪರ್ಕಿಸುವುದು.
ಕ್ರ	ಕಾಮಗಾರಿಯ ವಿವರ	ಟೆಂಡರ್ ಸಂಖ್ಯೆ/ಮೊತ್ತ	ಪ್ರವರ್ಗ
1	APMC/2025-26/OW /IND No. 586	2,67,084	ಪ್ರವರ್ಗ-I
2	APMC/2025-26/WT/IND No. 587	12,59,363	ಸಾಮಾನ್ಯ ವರ್ಗ
3	APMC/2025-26/BD/IND No. 590	4,36,552	ಸಾಮಾನ್ಯ
4	APMC/2025-26/BD/IND No. 592	12,66,077	ಪರಿಶಿಷ್ಟ ಜಾತಿ
5	APMC/2025-26/BD/IND No. 593	49,71,246	ಸಾಮಾನ್ಯ
ವೇಳಾಪಟ್ಟಿ
1.ಟೆಂಡರ್ ಪ್ರಕಟಣೆ ದಿನಾಂಕ: 10-07-2025 ಬೆಳಿಗ್ಗೆ 11-00 ಗಂಟೆಗೆ
2.ಟೆಂಡರ್ ಸಲ್ಲಿಸಲು ಕೊನೆಯ ದಿನಾಂಕ: 27-07-2025 ಸಂಜೆ 4-00 ಗಂಟೆ
3.ತಾಂತ್ರಿಕ ಬಿಡ್ ತೆರೆಯುವ ದಿನಾಂಕ:28-07-2025 ಸಂಜೆ 4-30 ಗಂಟೆ
4.ಆರ್ಥಿಕ ಬಿಡ್ ತೆರೆಯುವ ದಿನಾಂಕ: 11-08-2025 ಸಂಜೆ 4-30 ಗಂಟೆ
ಸಹಿ/-ಕಾರ್ಯದರ್ಶಿ, ಕೃ.ಉ.ಮಾ.ಸ.ಕೊಟ್ಟೂರು	ವಾ.ಮಾ.ಸಂ.ಸಂ/ನಿಯೋಜನೆ/2024-25/ ಕಾಪ್‌ಎಂ.ಎಂ/ಎಫ್.ಬಿ.ಸಂಖ್ಯೆ/14ರಿ
ಸಹಿ/- ಅಧ್ಯಕ್ಷರು, ಕೃ.ಉ.ಮಾ.ಸ.ಕೊಟ್ಟೂರು
